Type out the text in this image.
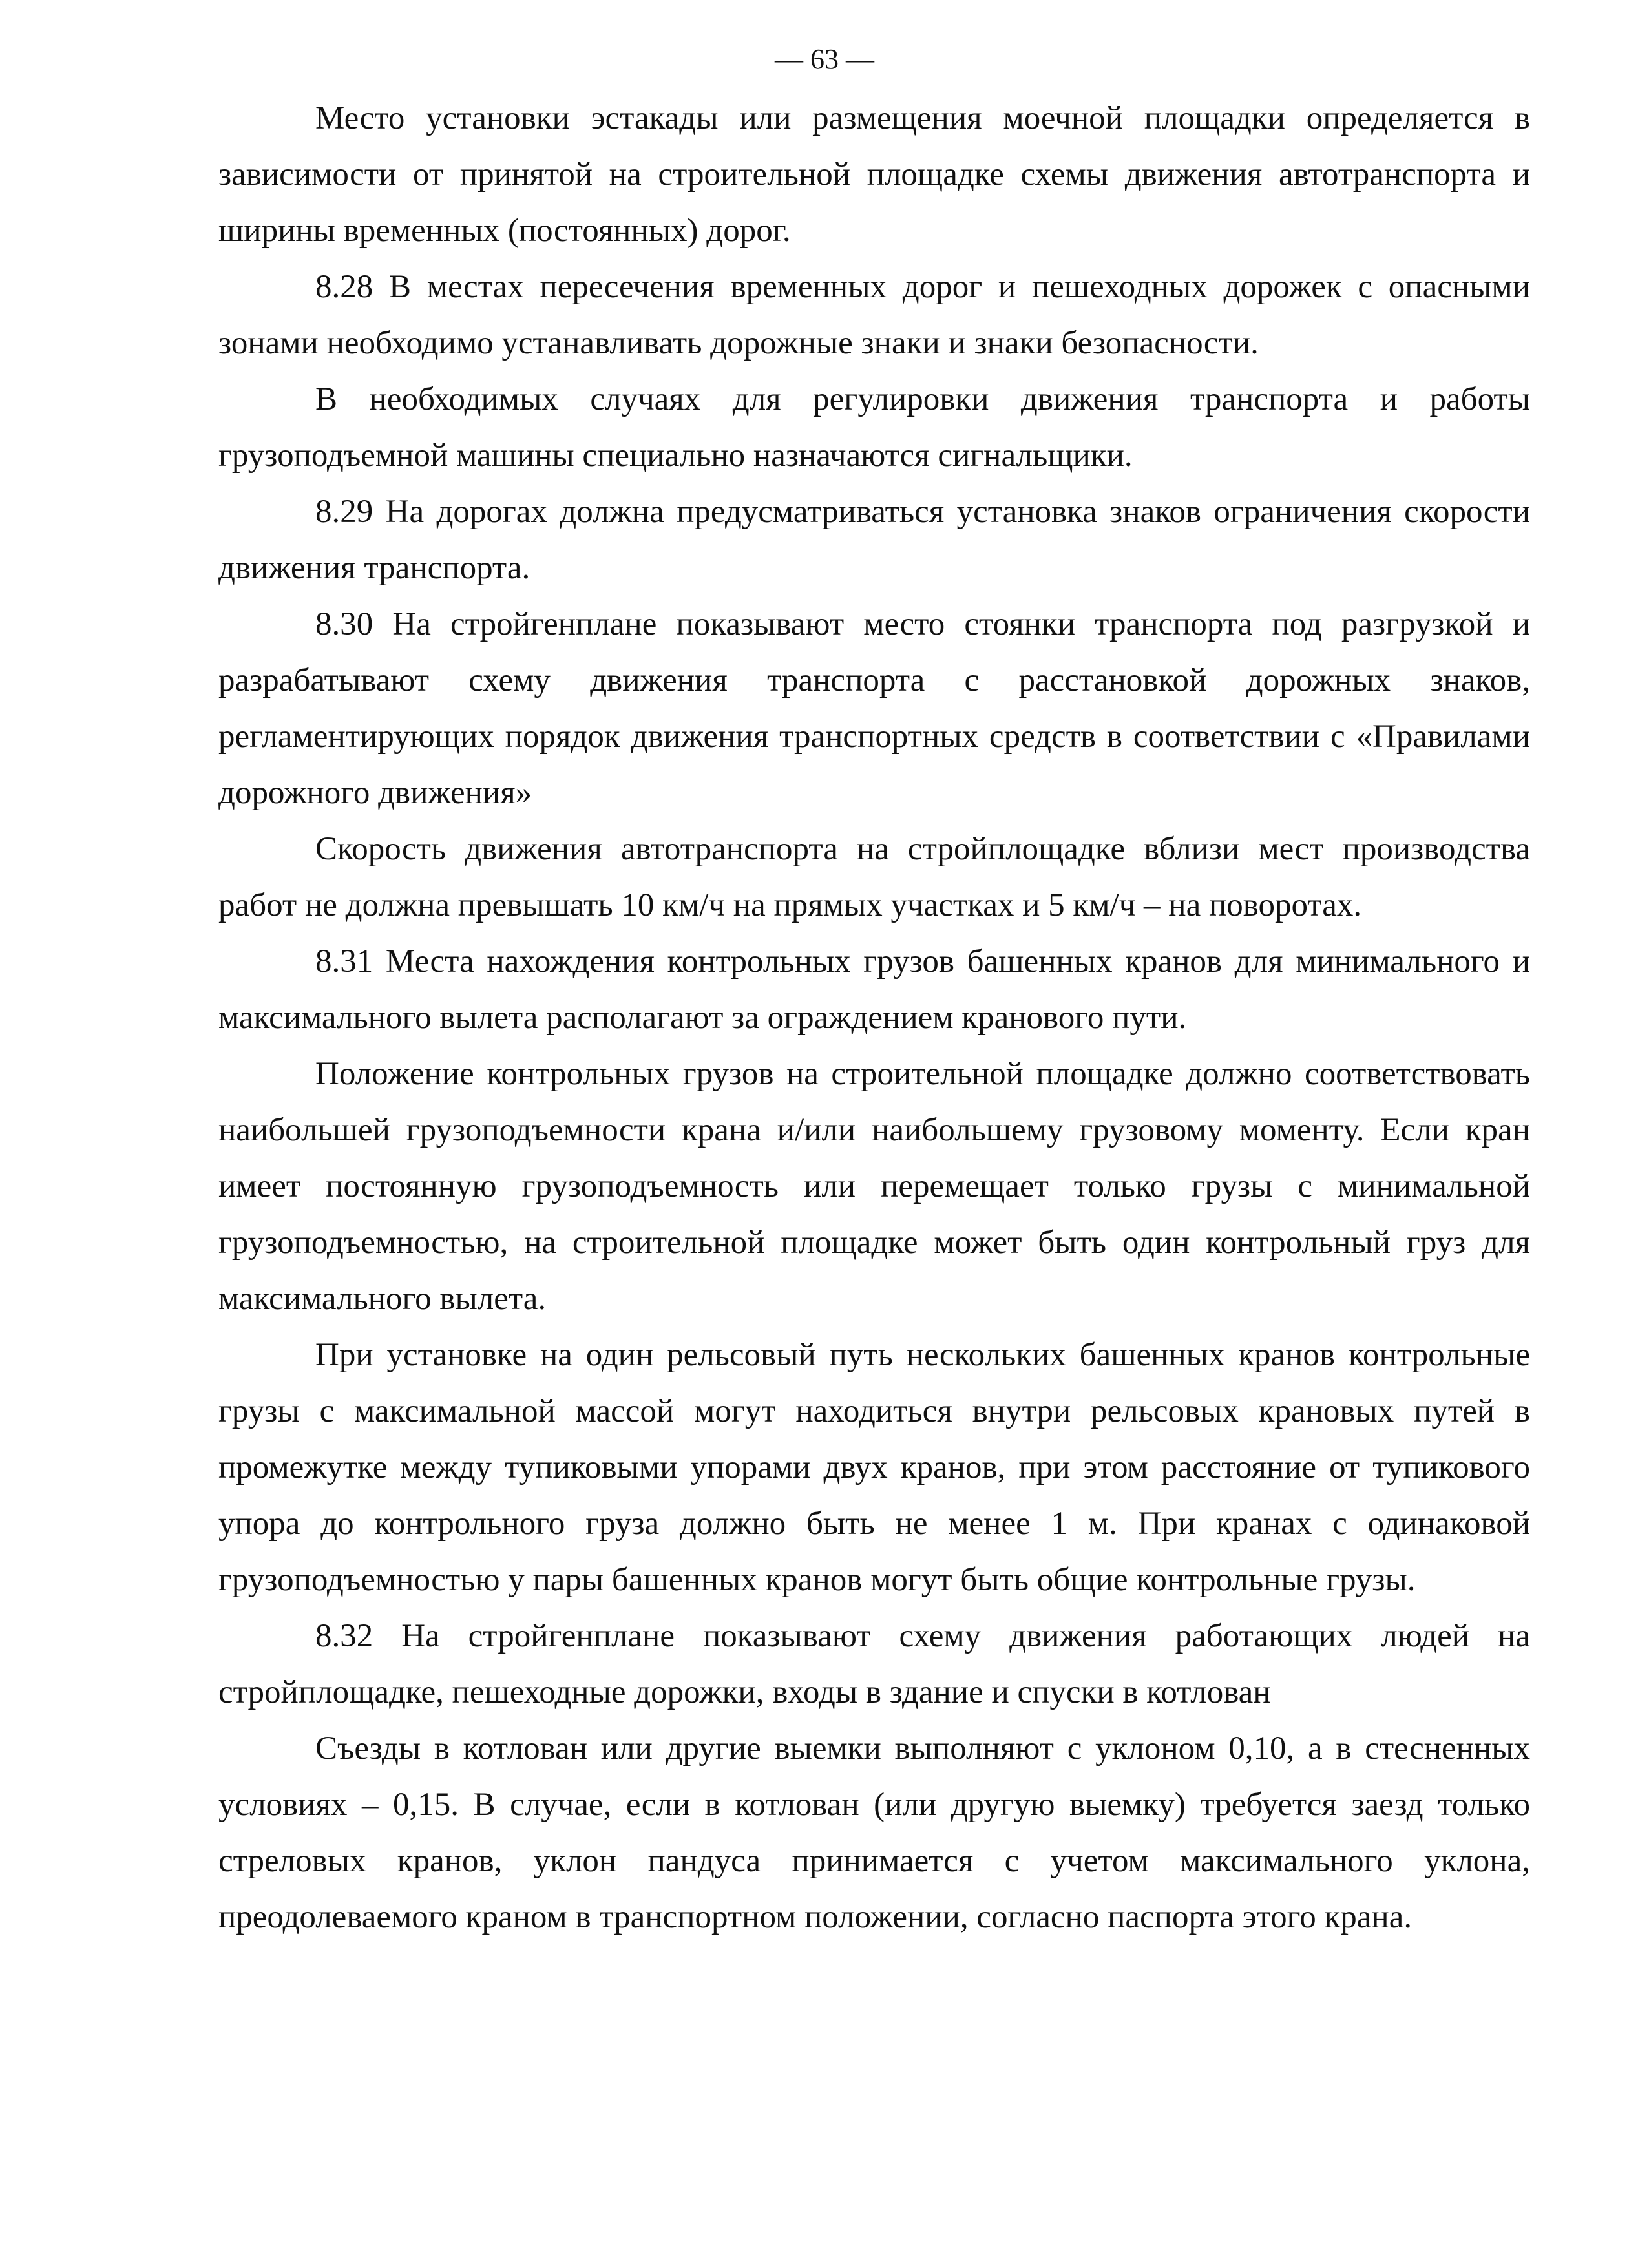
— 63 —

Место установки эстакады или размещения моечной площадки определяется в зависимости от принятой на строительной площадке схемы движения автотранспорта и ширины временных (постоянных) дорог.

8.28 В местах пересечения временных дорог и пешеходных дорожек с опасными зонами необходимо устанавливать дорожные знаки и знаки безопасности.

В необходимых случаях для регулировки движения транспорта и работы грузоподъемной машины специально назначаются сигнальщики.

8.29 На дорогах должна предусматриваться установка знаков ограничения скорости движения транспорта.

8.30 На стройгенплане показывают место стоянки транспорта под разгрузкой и разрабатывают схему движения транспорта с расстановкой дорожных знаков, регламентирующих порядок движения транспортных средств в соответствии с «Правилами дорожного движения»

Скорость движения автотранспорта на стройплощадке вблизи мест производства работ не должна превышать 10 км/ч на прямых участках и 5 км/ч – на поворотах.

8.31 Места нахождения контрольных грузов башенных кранов для минимального и максимального вылета располагают за ограждением кранового пути.

Положение контрольных грузов на строительной площадке должно соответствовать наибольшей грузоподъемности крана и/или наибольшему грузовому моменту. Если кран имеет постоянную грузоподъемность или перемещает только грузы с минимальной грузоподъемностью, на строительной площадке может быть один контрольный груз для максимального вылета.

При установке на один рельсовый путь нескольких башенных кранов контрольные грузы с максимальной массой могут находиться внутри рельсовых крановых путей в промежутке между тупиковыми упорами двух кранов, при этом расстояние от тупикового упора до контрольного груза должно быть не менее 1 м. При кранах с одинаковой грузоподъемностью у пары башенных кранов могут быть общие контрольные грузы.

8.32 На стройгенплане показывают схему движения работающих людей на стройплощадке, пешеходные дорожки, входы в здание и спуски в котлован

Съезды в котлован или другие выемки выполняют с уклоном 0,10, а в стесненных условиях – 0,15. В случае, если в котлован (или другую выемку) требуется заезд только стреловых кранов, уклон пандуса принимается с учетом максимального уклона, преодолеваемого краном в транспортном положении, согласно паспорта этого крана.
